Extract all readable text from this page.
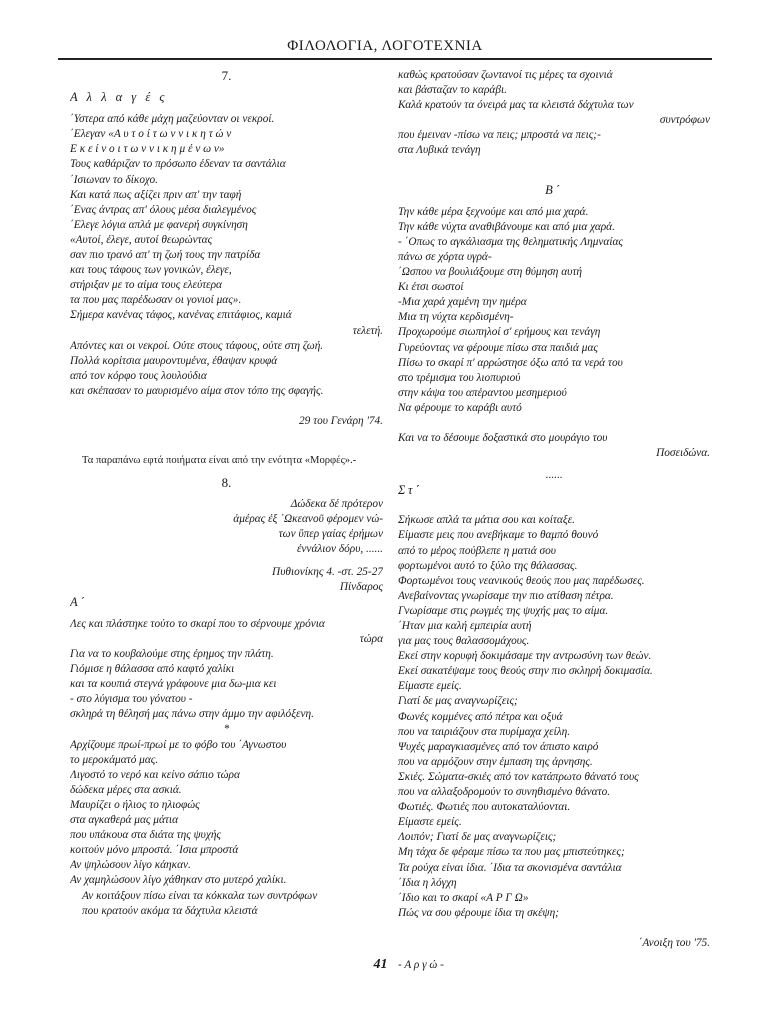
ΦΙΛΟΛΟΓΙΑ, ΛΟΓΟΤΕΧΝΙΑ
7.
Α λ λ α γ έ ς
΄Υστερα από κάθε μάχη μαζεύονταν οι νεκροί.
΄Ελεγαν «Α υ τ ο ί τ ω ν ν ι κ η τ ώ ν
Ε κ ε ί ν ο ι τ ω ν ν ι κ η μ έ ν ω ν»
Τους καθάριζαν το πρόσωπο έδεναν τα σαντάλια
΄Ισιωναν το δίκοχο.
Και κατά πως αξίζει πριν απ' την ταφή
΄Ενας άντρας απ' όλους μέσα διαλεγμένος
΄Ελεγε λόγια απλά με φανερή συγκίνηση
«Αυτοί, έλεγε, αυτοί θεωρώντας
σαν πιο τρανό απ' τη ζωή τους την πατρίδα
και τους τάφους των γονικών, έλεγε,
στήριξαν με το αίμα τους ελεύτερα
τα που μας παρέδωσαν οι γονιοί μας».
Σήμερα κανένας τάφος, κανένας επιτάφιος, καμιά
τελετή.
Απόντες και οι νεκροί. Ούτε στους τάφους, ούτε στη ζωή.
Πολλά κορίτσια μαυροντυμένα, έθαψαν κρυφά
από τον κόρφο τους λουλούδια
και σκέπασαν το μαυρισμένο αίμα στον τόπο της σφαγής.
29 του Γενάρη '74.
Τα παραπάνω εφτά ποιήματα είναι από την ενότητα «Μορφές».-
8.
Δώδεκα δέ πρότερον
ἀμέρας ἐξ ᾿Ωκεανοῦ φέρομεν νώ-
των ὕπερ γαίας ἐρήμων
ἐννάλιον δόρυ, ......
Πυθιονίκης 4. -στ. 25-27
Πίνδαρος
Α΄
Λες και πλάστηκε τούτο το σκαρί που το σέρνουμε χρόνια
τώρα
Για να το κουβαλούμε στης έρημος την πλάτη.
Γιόμισε η θάλασσα από καφτό χαλίκι
και τα κουπιά στεγνά γράφουνε μια δω-μια κει
- στο λύγισμα του γόνατου -
σκληρά τη θέλησή μας πάνω στην άμμο την αφιλόξενη.
*
Αρχίζουμε πρωί-πρωί με το φόβο του ΄Αγνωστου
το μεροκάματό μας.
Λιγοστό το νερό και κείνο σάπιο τώρα
δώδεκα μέρες στα ασκιά.
Μαυρίζει ο ήλιος το ηλιοφώς
στα αγκαθερά μας μάτια
που υπάκουα στα διάτα της ψυχής
κοιτούν μόνο μπροστά. ΄Ισια μπροστά
Αν ψηλώσουν λίγο κάηκαν.
Αν χαμηλώσουν λίγο χάθηκαν στο μυτερό χαλίκι.
Αν κοιτάξουν πίσω είναι τα κόκκαλα των συντρόφων
που κρατούν ακόμα τα δάχτυλα κλειστά
καθώς κρατούσαν ζωντανοί τις μέρες τα σχοινιά
και βάσταζαν το καράβι.
Καλά κρατούν τα όνειρά μας τα κλειστά δάχτυλα των
συντρόφων
που έμειναν -πίσω να πεις; μπροστά να πεις;-
στα Λυβικά τενάγη
Β΄
Την κάθε μέρα ξεχνούμε και από μια χαρά.
Την κάθε νύχτα αναθιβάνουμε και από μια χαρά.
- ΄Οπως το αγκάλιασμα της θεληματικής Λημναίας
πάνω σε χόρτα υγρά-
΄Ωσπου να βουλιάξουμε στη θύμηση αυτή
Κι έτσι σωστοί
-Μια χαρά χαμένη την ημέρα
Μια τη νύχτα κερδισμένη-
Προχωρούμε σιωπηλοί σ' ερήμους και τενάγη
Γυρεύοντας να φέρουμε πίσω στα παιδιά μας
Πίσω το σκαρί π' αρρώστησε όξω από τα νερά του
στο τρέμισμα του λιοπυριού
στην κάψα του απέραντου μεσημεριού
Να φέρουμε το καράβι αυτό
Και να το δέσουμε δοξαστικά στο μουράγιο του
Ποσειδώνα.
......
Στ΄
Σήκωσε απλά τα μάτια σου και κοίταξε.
Είμαστε μεις που ανεβήκαμε το θαμπό θουνό
από το μέρος πούβλεπε η ματιά σου
φορτωμένοι αυτό το ξύλο της θάλασσας.
Φορτωμένοι τους νεανικούς θεούς που μας παρέδωσες.
Ανεβαίνοντας γνωρίσαμε την πιο ατίθαση πέτρα.
Γνωρίσαμε στις ρωγμές της ψυχής μας το αίμα.
΄Ηταν μια καλή εμπειρία αυτή
για μας τους θαλασσομάχους.
Εκεί στην κορυφή δοκιμάσαμε την αντρωσύνη των θεών.
Εκεί σακατέψαμε τους θεούς στην πιο σκληρή δοκιμασία.
Είμαστε εμείς.
Γιατί δε μας αναγνωρίζεις;
Φωνές κομμένες από πέτρα και οξυά
που να ταιριάζουν στα πυρίμαχα χείλη.
Ψυχές μαραγκιασμένες από τον άπιστο καιρό
που να αρμόζουν στην έμπαση της άρνησης.
Σκιές. Σώματα-σκιές από τον κατάπρωτο θάνατό τους
που να αλλαξοδρομούν το συνηθισμένο θάνατο.
Φωτιές. Φωτιές που αυτοκαταλύονται.
Είμαστε εμείς.
Λοιπόν; Γιατί δε μας αναγνωρίζεις;
Μη τάχα δε φέραμε πίσω τα που μας μπιστεύτηκες;
Τα ρούχα είναι ίδια. ΄Ιδια τα σκονισμένα σαντάλια
΄Ιδια η λόγχη
΄Ιδιο και το σκαρί «Α Ρ Γ Ω»
Πώς να σου φέρουμε ίδια τη σκέψη;
΄Ανοιξη του '75.
- Α ρ γ ώ -
41
